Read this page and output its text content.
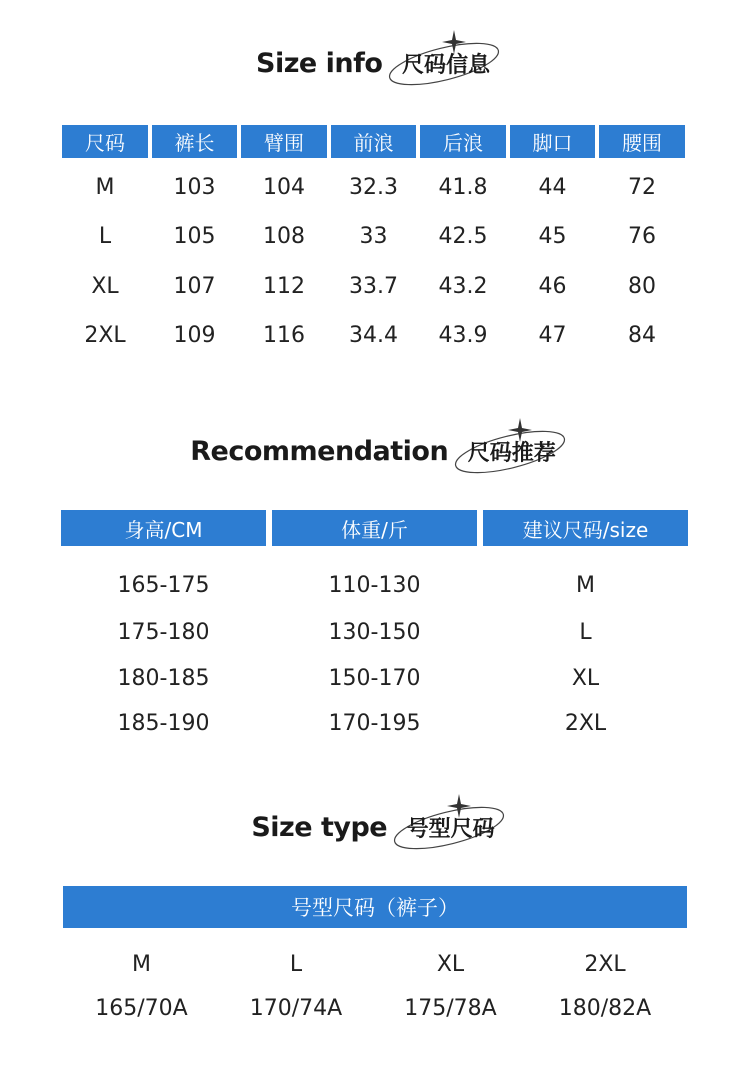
Size info 尺码信息
尺码	裤长	臂围	前浪	后浪	脚口	腰围
M	103	104	32.3	41.8	44	72
L	105	108	33	42.5	45	76
XL	107	112	33.7	43.2	46	80
2XL	109	116	34.4	43.9	47	84
Recommendation 尺码推荐
身高/CM	体重/斤	建议尺码/size
165-175	110-130	M
175-180	130-150	L
180-185	150-170	XL
185-190	170-195	2XL
Size type 号型尺码
号型尺码（裤子）
M	L	XL	2XL
165/70A	170/74A	175/78A	180/82A
